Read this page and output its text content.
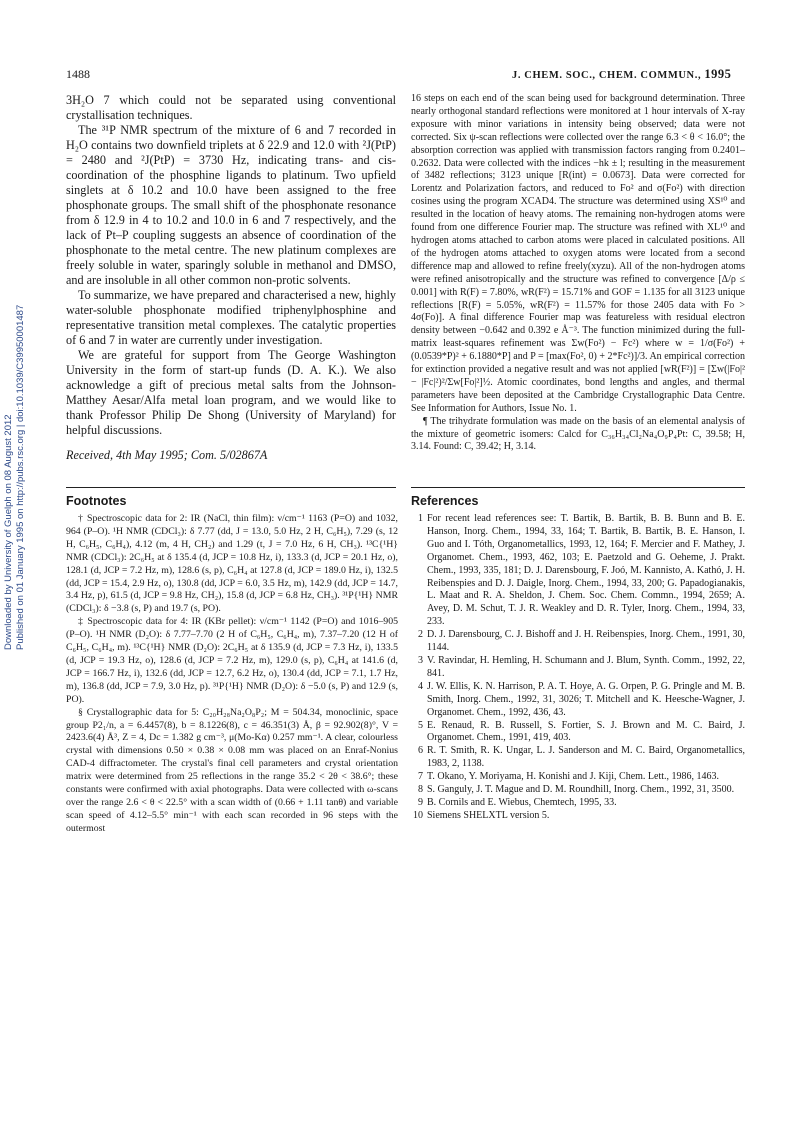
1488	J. CHEM. SOC., CHEM. COMMUN., 1995
Downloaded by University of Guelph on 08 August 2012 Published on 01 January 1995 on http://pubs.rsc.org | doi:10.1039/C39950001487

3H₂O 7 which could not be separated using conventional crystallisation techniques.

The ³¹P NMR spectrum of the mixture of 6 and 7 recorded in H₂O contains two downfield triplets at δ 22.9 and 12.0 with ²J(PtP) = 2480 and ²J(PtP) = 3730 Hz, indicating trans- and cis-coordination of the phosphine ligands to platinum. Two upfield singlets at δ 10.2 and 10.0 have been assigned to the free phosphonate groups. The small shift of the phosphonate resonance from δ 12.9 in 4 to 10.2 and 10.0 in 6 and 7 respectively, and the lack of Pt–P coupling suggests an absence of coordination of the phosphonate to the metal centre. The new platinum complexes are freely soluble in water, sparingly soluble in methanol and DMSO, and are insoluble in all other common non-protic solvents.

To summarize, we have prepared and characterised a new, highly water-soluble phosphonate modified triphenylphosphine and representative transition metal complexes. The catalytic properties of 6 and 7 in water are currently under investigation.

We are grateful for support from The George Washington University in the form of start-up funds (D. A. K.). We also acknowledge a gift of precious metal salts from the Johnson-Matthey Aesar/Alfa metal loan program, and we would like to thank Professor Philip De Shong (University of Maryland) for helpful discussions.

Received, 4th May 1995; Com. 5/02867A

16 steps on each end of the scan being used for background determination. Three nearly orthogonal standard reflections were monitored at 1 hour intervals of X-ray exposure with minor variations in intensity being observed; data were not corrected. Six ψ-scan reflections were collected over the range 6.3 < θ < 16.0°; the absorption correction was applied with transmission factors ranging from 0.2401–0.2632. Data were collected with the indices −hk ± l; resulting in the measurement of 3482 reflections; 3123 unique [R(int) = 0.0673]. Data were corrected for Lorentz and Polarization factors, and reduced to Fo² and σ(Fo²) with direction cosines using the program XCAD4. The structure was determined using XS¹⁰ and resulted in the location of heavy atoms. The remaining non-hydrogen atoms were found from one difference Fourier map. The structure was refined with XL¹⁰ and hydrogen atoms attached to carbon atoms were placed in calculated positions. All of the hydrogen atoms attached to oxygen atoms were located from a second difference map and allowed to refine freely(xyzu). All of the non-hydrogen atoms were refined anisotropically and the structure was refined to convergence [Δ/ρ ≤ 0.001] with R(F) = 7.80%, wR(F²) = 15.71% and GOF = 1.135 for all 3123 unique reflections [R(F) = 5.05%, wR(F²) = 11.57% for those 2405 data with Fo > 4σ(Fo)]. A final difference Fourier map was featureless with residual electron density between −0.642 and 0.392 e Å⁻³. The function minimized during the full-matrix least-squares refinement was Σw(Fo²) − Fc²) where w = 1/σ(Fo²) + (0.0539*P)² + 6.1880*P] and P = [max(Fo², 0) + 2*Fc²)]/3. An empirical correction for extinction provided a negative result and was not applied [wR(F²)] = [Σw(|Fo|² − |Fc|²)²/Σw[Fo|²]½. Atomic coordinates, bond lengths and angles, and thermal parameters have been deposited at the Cambridge Crystallographic Data Centre. See Information for Authors, Issue No. 1.

¶ The trihydrate formulation was made on the basis of an elemental analysis of the mixture of geometric isomers: Calcd for C₃₆H₃₄Cl₂Na₄O₉P₄Pt: C, 39.58; H, 3.14. Found: C, 39.42; H, 3.14.

Footnotes

† Spectroscopic data for 2: IR (NaCl, thin film): ν/cm⁻¹ 1163 (P=O) and 1032, 964 (P–O). ¹H NMR (CDCl₃): δ 7.77 (dd, J = 13.0, 5.0 Hz, 2 H, C₆H₅), 7.29 (s, 12 H, C₆H₅, C₆H₄), 4.12 (m, 4 H, CH₂) and 1.29 (t, J = 7.0 Hz, 6 H, CH₃). ¹³C{¹H} NMR (CDCl₃): 2C₆H₅ at δ 135.4 (d, JCP = 10.8 Hz, i), 133.3 (d, JCP = 20.1 Hz, o), 128.1 (d, JCP = 7.2 Hz, m), 128.6 (s, p), C₆H₄ at 127.8 (d, JCP = 189.0 Hz, i), 132.5 (dd, JCP = 15.4, 2.9 Hz, o), 130.8 (dd, JCP = 6.0, 3.5 Hz, m), 142.9 (dd, JCP = 14.7, 3.4 Hz, p), 61.5 (d, JCP = 9.8 Hz, CH₂), 15.8 (d, JCP = 6.8 Hz, CH₃). ³¹P{¹H} NMR (CDCl₃): δ −3.8 (s, P) and 19.7 (s, PO).

‡ Spectroscopic data for 4: IR (KBr pellet): ν/cm⁻¹ 1142 (P=O) and 1016–905 (P–O). ¹H NMR (D₂O): δ 7.77–7.70 (2 H of C₆H₅, C₆H₄, m), 7.37–7.20 (12 H of C₆H₅, C₆H₄, m). ¹³C{¹H} NMR (D₂O): 2C₆H₅ at δ 135.9 (d, JCP = 7.3 Hz, i), 133.5 (d, JCP = 19.3 Hz, o), 128.6 (d, JCP = 7.2 Hz, m), 129.0 (s, p), C₆H₄ at 141.6 (d, JCP = 166.7 Hz, i), 132.6 (dd, JCP = 12.7, 6.2 Hz, o), 130.4 (dd, JCP = 7.1, 1.7 Hz, m), 136.8 (dd, JCP = 7.9, 3.0 Hz, p). ³¹P{¹H} NMR (D₂O): δ −5.0 (s, P) and 12.9 (s, PO).

§ Crystallographic data for 5: C₂₀H₂₈Na₂O₈P₂; M = 504.34, monoclinic, space group P2₁/n, a = 6.4457(8), b = 8.1226(8), c = 46.351(3) Å, β = 92.902(8)°, V = 2423.6(4) Å³, Z = 4, Dc = 1.382 g cm⁻³, μ(Mo-Kα) 0.257 mm⁻¹. A clear, colourless crystal with dimensions 0.50 × 0.38 × 0.08 mm was placed on an Enraf-Nonius CAD-4 diffractometer. The crystal's final cell parameters and crystal orientation matrix were determined from 25 reflections in the range 35.2 < 2θ < 38.6°; these constants were confirmed with axial photographs. Data were collected with ω-scans over the range 2.6 < θ < 22.5° with a scan width of (0.66 + 1.11 tanθ) and variable scan speed of 4.12–5.5° min⁻¹ with each scan recorded in 96 steps with the outermost

References
1 For recent lead references see: T. Bartik, B. Bartik, B. B. Bunn and B. E. Hanson, Inorg. Chem., 1994, 33, 164; T. Bartik, B. Bartik, B. E. Hanson, I. Guo and I. Tóth, Organometallics, 1993, 12, 164; F. Mercier and F. Mathey, J. Organomet. Chem., 1993, 462, 103; E. Paetzold and G. Oeheme, J. Prakt. Chem., 1993, 335, 181; D. J. Darensbourg, F. Joó, M. Kannisto, A. Kathó, J. H. Reibenspies and D. J. Daigle, Inorg. Chem., 1994, 33, 200; G. Papadogianakis, L. Maat and R. A. Sheldon, J. Chem. Soc. Chem. Commn., 1994, 2659; A. Avey, D. M. Schut, T. J. R. Weakley and D. R. Tyler, Inorg. Chem., 1994, 33, 233.
2 D. J. Darensbourg, C. J. Bishoff and J. H. Reibenspies, Inorg. Chem., 1991, 30, 1144.
3 V. Ravindar, H. Hemling, H. Schumann and J. Blum, Synth. Comm., 1992, 22, 841.
4 J. W. Ellis, K. N. Harrison, P. A. T. Hoye, A. G. Orpen, P. G. Pringle and M. B. Smith, Inorg. Chem., 1992, 31, 3026; T. Mitchell and K. Heesche-Wagner, J. Organomet. Chem., 1992, 436, 43.
5 E. Renaud, R. B. Russell, S. Fortier, S. J. Brown and M. C. Baird, J. Organomet. Chem., 1991, 419, 403.
6 R. T. Smith, R. K. Ungar, L. J. Sanderson and M. C. Baird, Organometallics, 1983, 2, 1138.
7 T. Okano, Y. Moriyama, H. Konishi and J. Kiji, Chem. Lett., 1986, 1463.
8 S. Ganguly, J. T. Mague and D. M. Roundhill, Inorg. Chem., 1992, 31, 3500.
9 B. Cornils and E. Wiebus, Chemtech, 1995, 33.
10 Siemens SHELXTL version 5.
